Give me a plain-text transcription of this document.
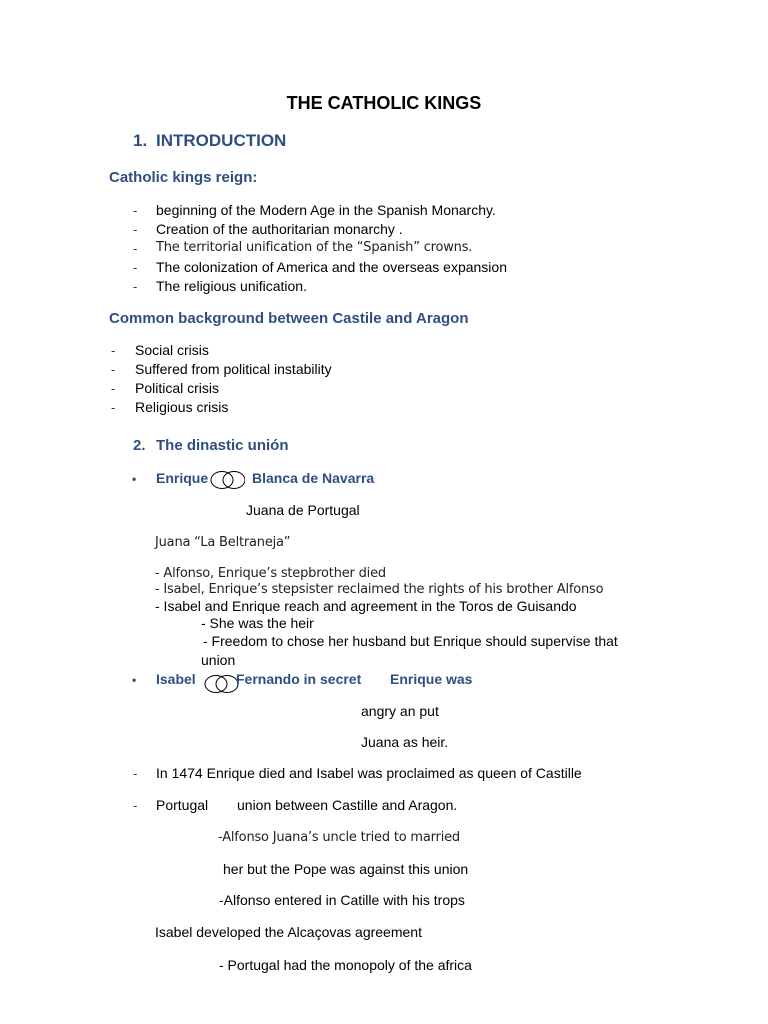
THE CATHOLIC KINGS
1. INTRODUCTION
Catholic kings reign:
- beginning of the Modern Age in the Spanish Monarchy.
- Creation of the authoritarian monarchy .
- The territorial unification of the “Spanish” crowns.
- The colonization of America and the overseas expansion
- The religious unification.
Common background between Castile and Aragon
- Social crisis
- Suffered from political instability
- Political crisis
- Religious crisis
2. The dinastic unión
• Enrique	Blanca de Navarra
Juana de Portugal
Juana “La Beltraneja”
- Alfonso, Enrique’s stepbrother died
- Isabel, Enrique’s stepsister reclaimed the rights of his brother Alfonso
- Isabel and Enrique reach and agreement in the Toros de Guisando
- She was the heir
- Freedom to chose her husband but Enrique should supervise that
union
• Isabel	Fernando in secret Enrique was
angry an put
Juana as heir.
- In 1474 Enrique died and Isabel was proclaimed as queen of Castille
- Portugal union between Castille and Aragon.
-Alfonso Juana’s uncle tried to married
her but the Pope was against this union
-Alfonso entered in Catille with his trops
Isabel developed the Alcaçovas agreement
- Portugal had the monopoly of the africa
